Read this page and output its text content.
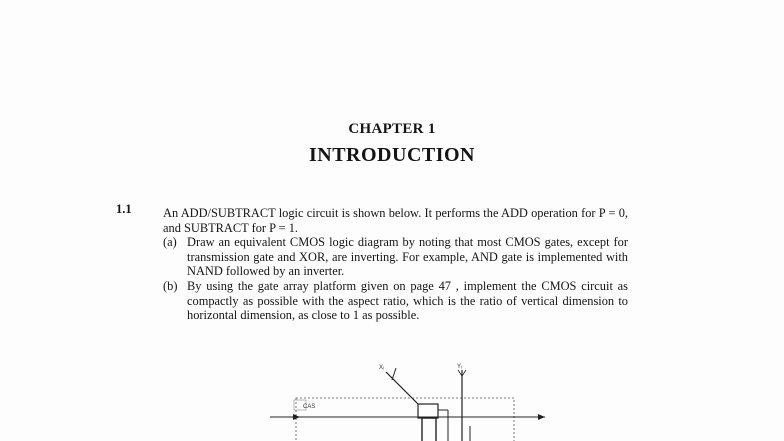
CHAPTER 1
INTRODUCTION
1.1	An ADD/SUBTRACT logic circuit is shown below. It performs the ADD operation for P = 0, and SUBTRACT for P = 1.

(a) Draw an equivalent CMOS logic diagram by noting that most CMOS gates, except for transmission gate and XOR, are inverting. For example, AND gate is implemented with NAND followed by an inverter.
(b) By using the gate array platform given on page 47 , implement the CMOS circuit as compactly as possible with the aspect ratio, which is the ratio of vertical dimension to horizontal dimension, as close to 1 as possible.
Xᵢ	Yᵢ
CAS
